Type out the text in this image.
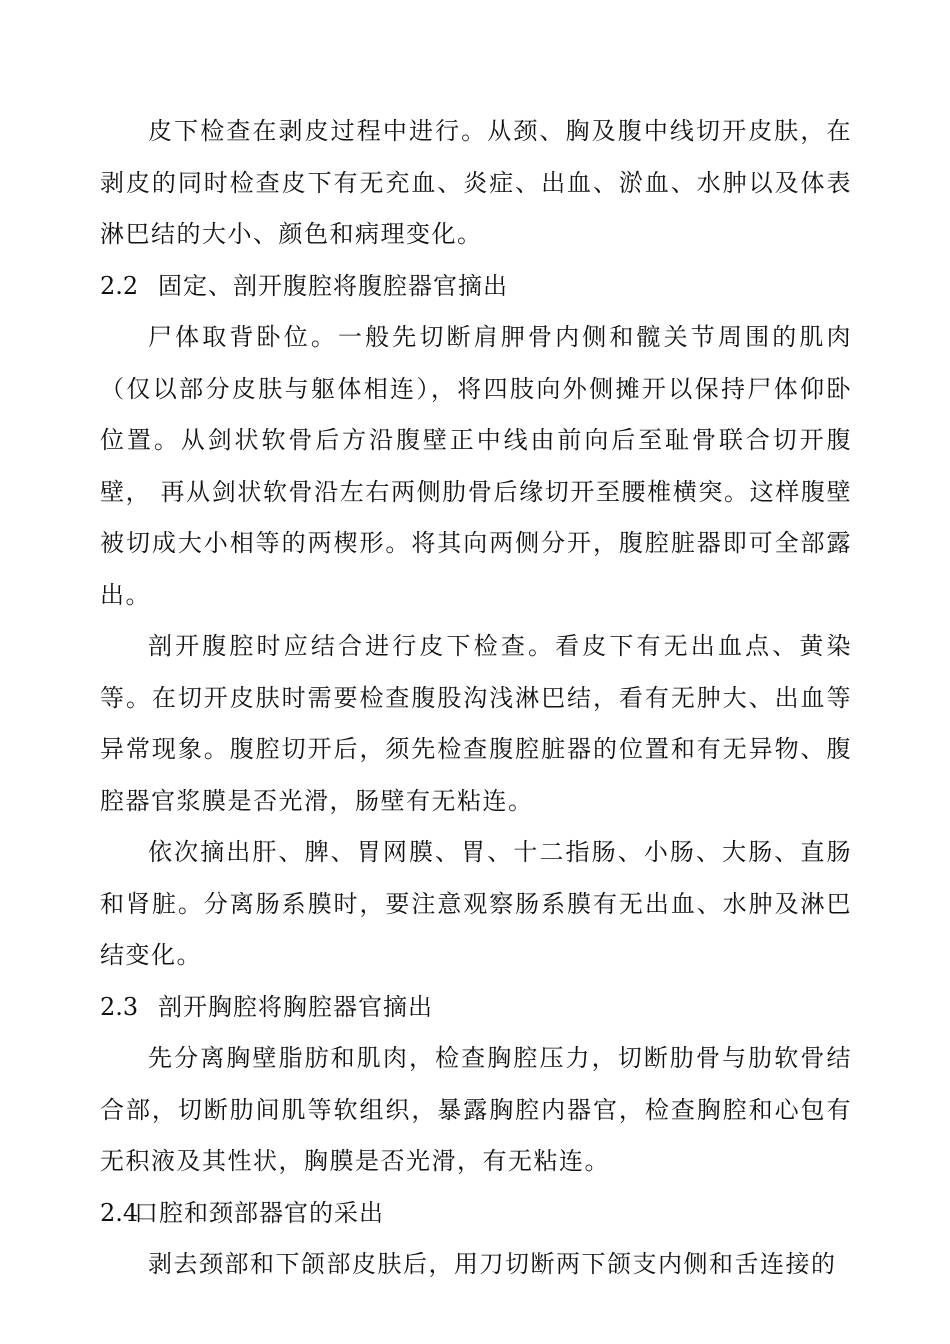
皮下检查在剥皮过程中进行。从颈、胸及腹中线切开皮肤，在剥皮的同时检查皮下有无充血、炎症、出血、淤血、水肿以及体表淋巴结的大小、颜色和病理变化。

2.2 固定、剖开腹腔将腹腔器官摘出

尸体取背卧位。一般先切断肩胛骨内侧和髋关节周围的肌肉（仅以部分皮肤与躯体相连），将四肢向外侧摊开以保持尸体仰卧位置。从剑状软骨后方沿腹壁正中线由前向后至耻骨联合切开腹壁， 再从剑状软骨沿左右两侧肋骨后缘切开至腰椎横突。这样腹壁被切成大小相等的两楔形。将其向两侧分开，腹腔脏器即可全部露出。

剖开腹腔时应结合进行皮下检查。看皮下有无出血点、黄染等。在切开皮肤时需要检查腹股沟浅淋巴结，看有无肿大、出血等异常现象。腹腔切开后，须先检查腹腔脏器的位置和有无异物、腹腔器官浆膜是否光滑，肠壁有无粘连。

依次摘出肝、脾、胃网膜、胃、十二指肠、小肠、大肠、直肠和肾脏。分离肠系膜时，要注意观察肠系膜有无出血、水肿及淋巴结变化。

2.3 剖开胸腔将胸腔器官摘出

先分离胸壁脂肪和肌肉，检查胸腔压力，切断肋骨与肋软骨结合部，切断肋间肌等软组织，暴露胸腔内器官，检查胸腔和心包有无积液及其性状，胸膜是否光滑，有无粘连。

2.4口腔和颈部器官的采出

剥去颈部和下颌部皮肤后，用刀切断两下颌支内侧和舌连接的
